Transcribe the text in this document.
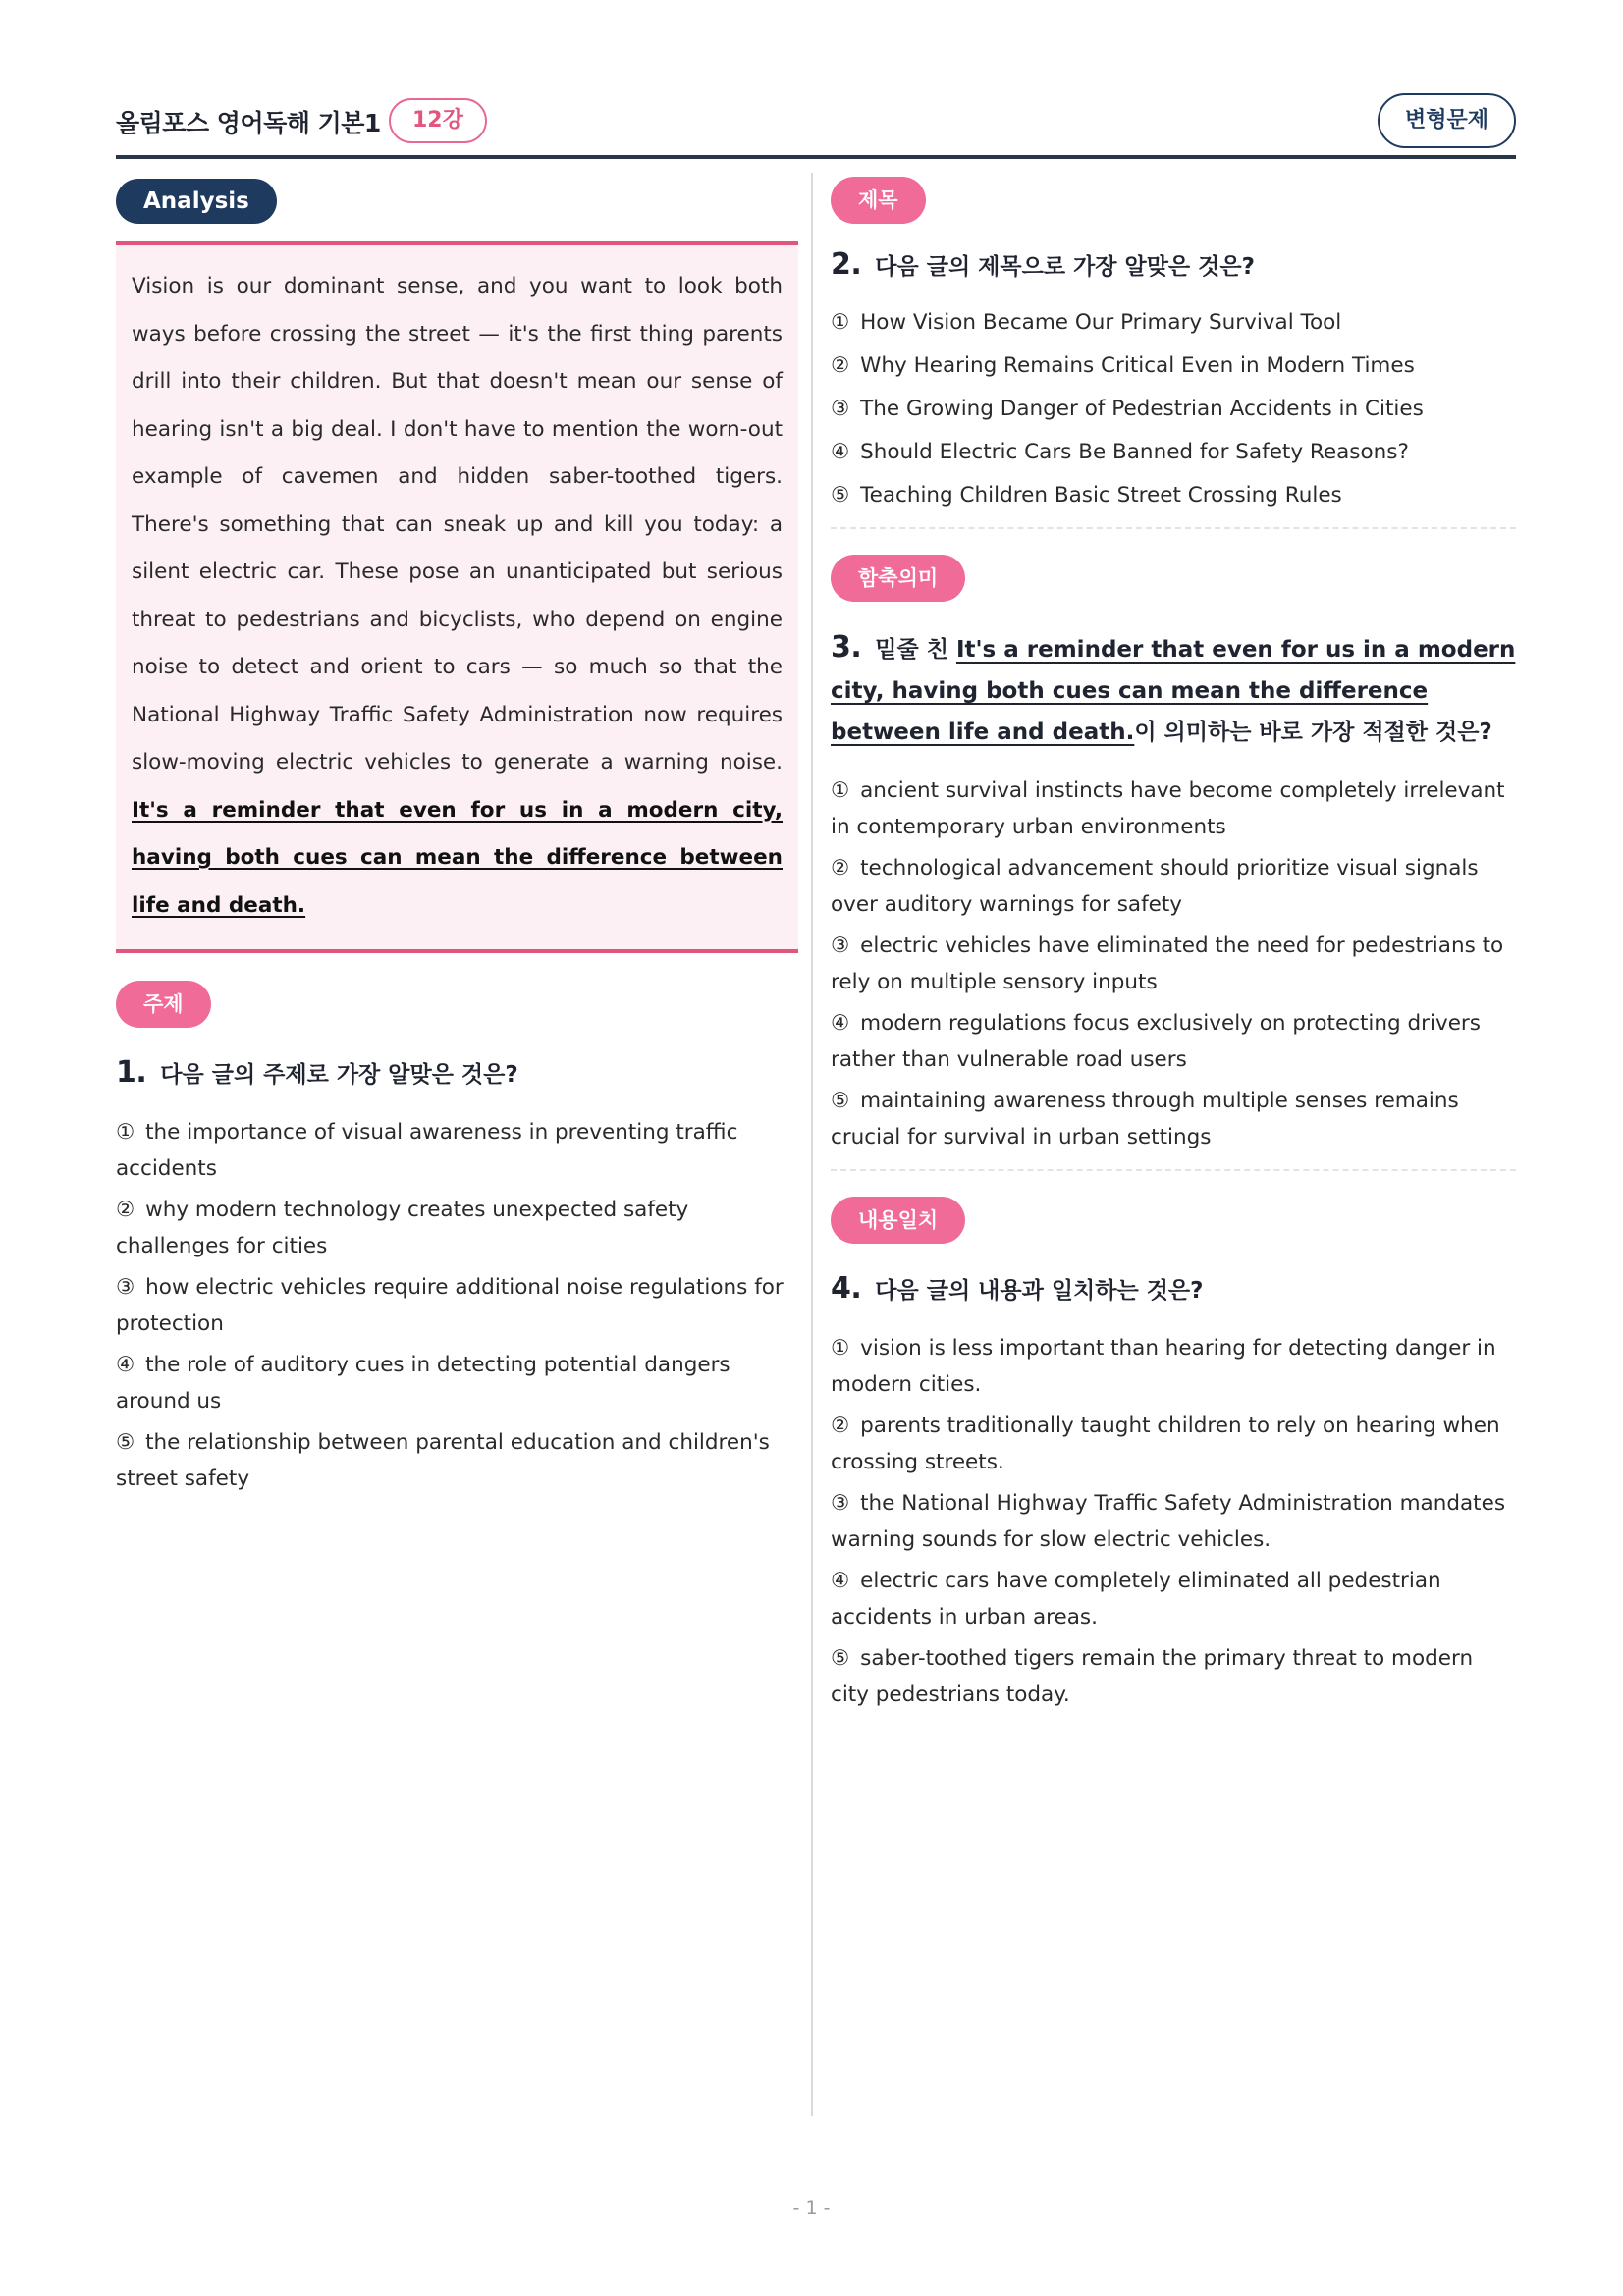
올림포스 영어독해 기본1	12강	변형문제
Analysis

Vision is our dominant sense, and you want to look both ways before crossing the street — it's the first thing parents drill into their children. But that doesn't mean our sense of hearing isn't a big deal. I don't have to mention the worn-out example of cavemen and hidden saber-toothed tigers. There's something that can sneak up and kill you today: a silent electric car. These pose an unanticipated but serious threat to pedestrians and bicyclists, who depend on engine noise to detect and orient to cars — so much so that the National Highway Traffic Safety Administration now requires slow-moving electric vehicles to generate a warning noise. It's a reminder that even for us in a modern city, having both cues can mean the difference between life and death.

주제
1. 다음 글의 주제로 가장 알맞은 것은?
① the importance of visual awareness in preventing traffic accidents
② why modern technology creates unexpected safety challenges for cities
③ how electric vehicles require additional noise regulations for protection
④ the role of auditory cues in detecting potential dangers around us
⑤ the relationship between parental education and children's street safety
제목
2. 다음 글의 제목으로 가장 알맞은 것은?
① How Vision Became Our Primary Survival Tool
② Why Hearing Remains Critical Even in Modern Times
③ The Growing Danger of Pedestrian Accidents in Cities
④ Should Electric Cars Be Banned for Safety Reasons?
⑤ Teaching Children Basic Street Crossing Rules
함축의미
3. 밑줄 친 It's a reminder that even for us in a modern city, having both cues can mean the difference between life and death.이 의미하는 바로 가장 적절한 것은?
① ancient survival instincts have become completely irrelevant in contemporary urban environments
② technological advancement should prioritize visual signals over auditory warnings for safety
③ electric vehicles have eliminated the need for pedestrians to rely on multiple sensory inputs
④ modern regulations focus exclusively on protecting drivers rather than vulnerable road users
⑤ maintaining awareness through multiple senses remains crucial for survival in urban settings
내용일치
4. 다음 글의 내용과 일치하는 것은?
① vision is less important than hearing for detecting danger in modern cities.
② parents traditionally taught children to rely on hearing when crossing streets.
③ the National Highway Traffic Safety Administration mandates warning sounds for slow electric vehicles.
④ electric cars have completely eliminated all pedestrian accidents in urban areas.
⑤ saber-toothed tigers remain the primary threat to modern city pedestrians today.
- 1 -
